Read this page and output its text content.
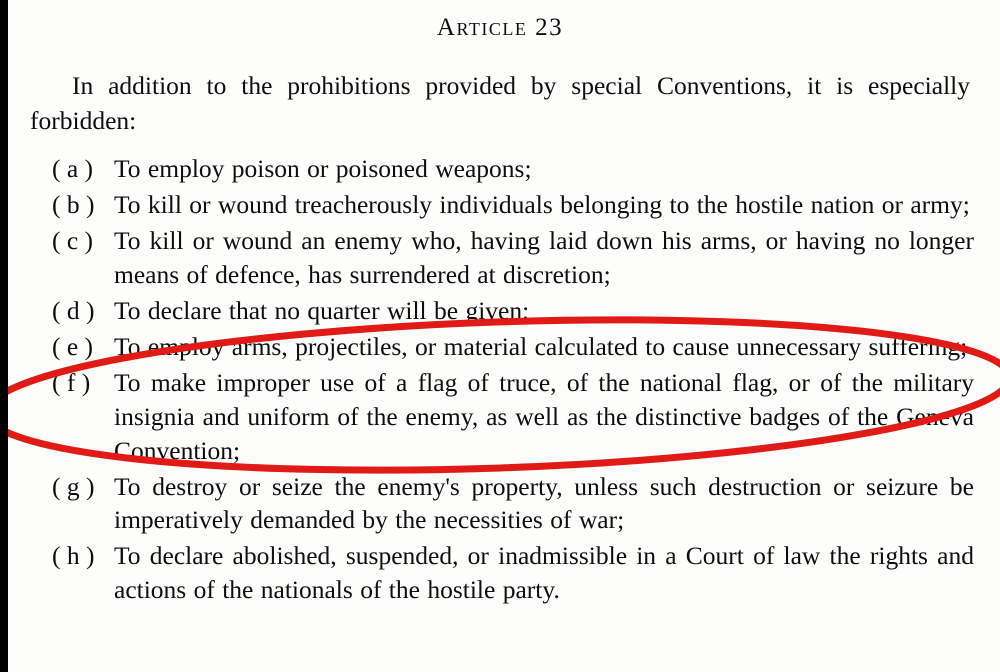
Article 23

In addition to the prohibitions provided by special Conventions, it is especially forbidden:

( a ) To employ poison or poisoned weapons;
( b ) To kill or wound treacherously individuals belonging to the hostile nation or army;
( c ) To kill or wound an enemy who, having laid down his arms, or having no longer means of defence, has surrendered at discretion;
( d ) To declare that no quarter will be given;
( e ) To employ arms, projectiles, or material calculated to cause unnecessary suffering;
( f ) To make improper use of a flag of truce, of the national flag, or of the military insignia and uniform of the enemy, as well as the distinctive badges of the Geneva Convention;
( g ) To destroy or seize the enemy's property, unless such destruction or seizure be imperatively demanded by the necessities of war;
( h ) To declare abolished, suspended, or inadmissible in a Court of law the rights and actions of the nationals of the hostile party.
